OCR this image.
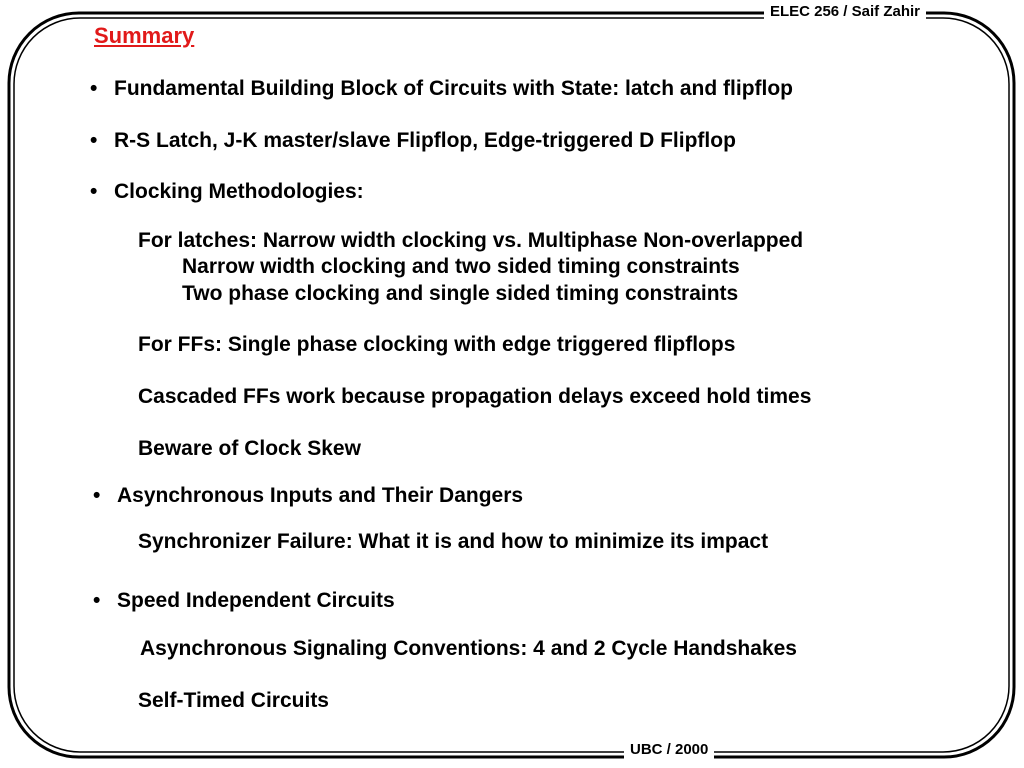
ELEC 256 / Saif Zahir
UBC / 2000
Summary
• Fundamental Building Block of Circuits with State: latch and flipflop
• R-S Latch, J-K master/slave Flipflop, Edge-triggered D Flipflop
• Clocking Methodologies:
For latches: Narrow width clocking vs. Multiphase Non-overlapped
Narrow width clocking and two sided timing constraints
Two phase clocking and single sided timing constraints
For FFs: Single phase clocking with edge triggered flipflops
Cascaded FFs work because propagation delays exceed hold times
Beware of Clock Skew
• Asynchronous Inputs and Their Dangers
Synchronizer Failure: What it is and how to minimize its impact
• Speed Independent Circuits
Asynchronous Signaling Conventions: 4 and 2 Cycle Handshakes
Self-Timed Circuits
